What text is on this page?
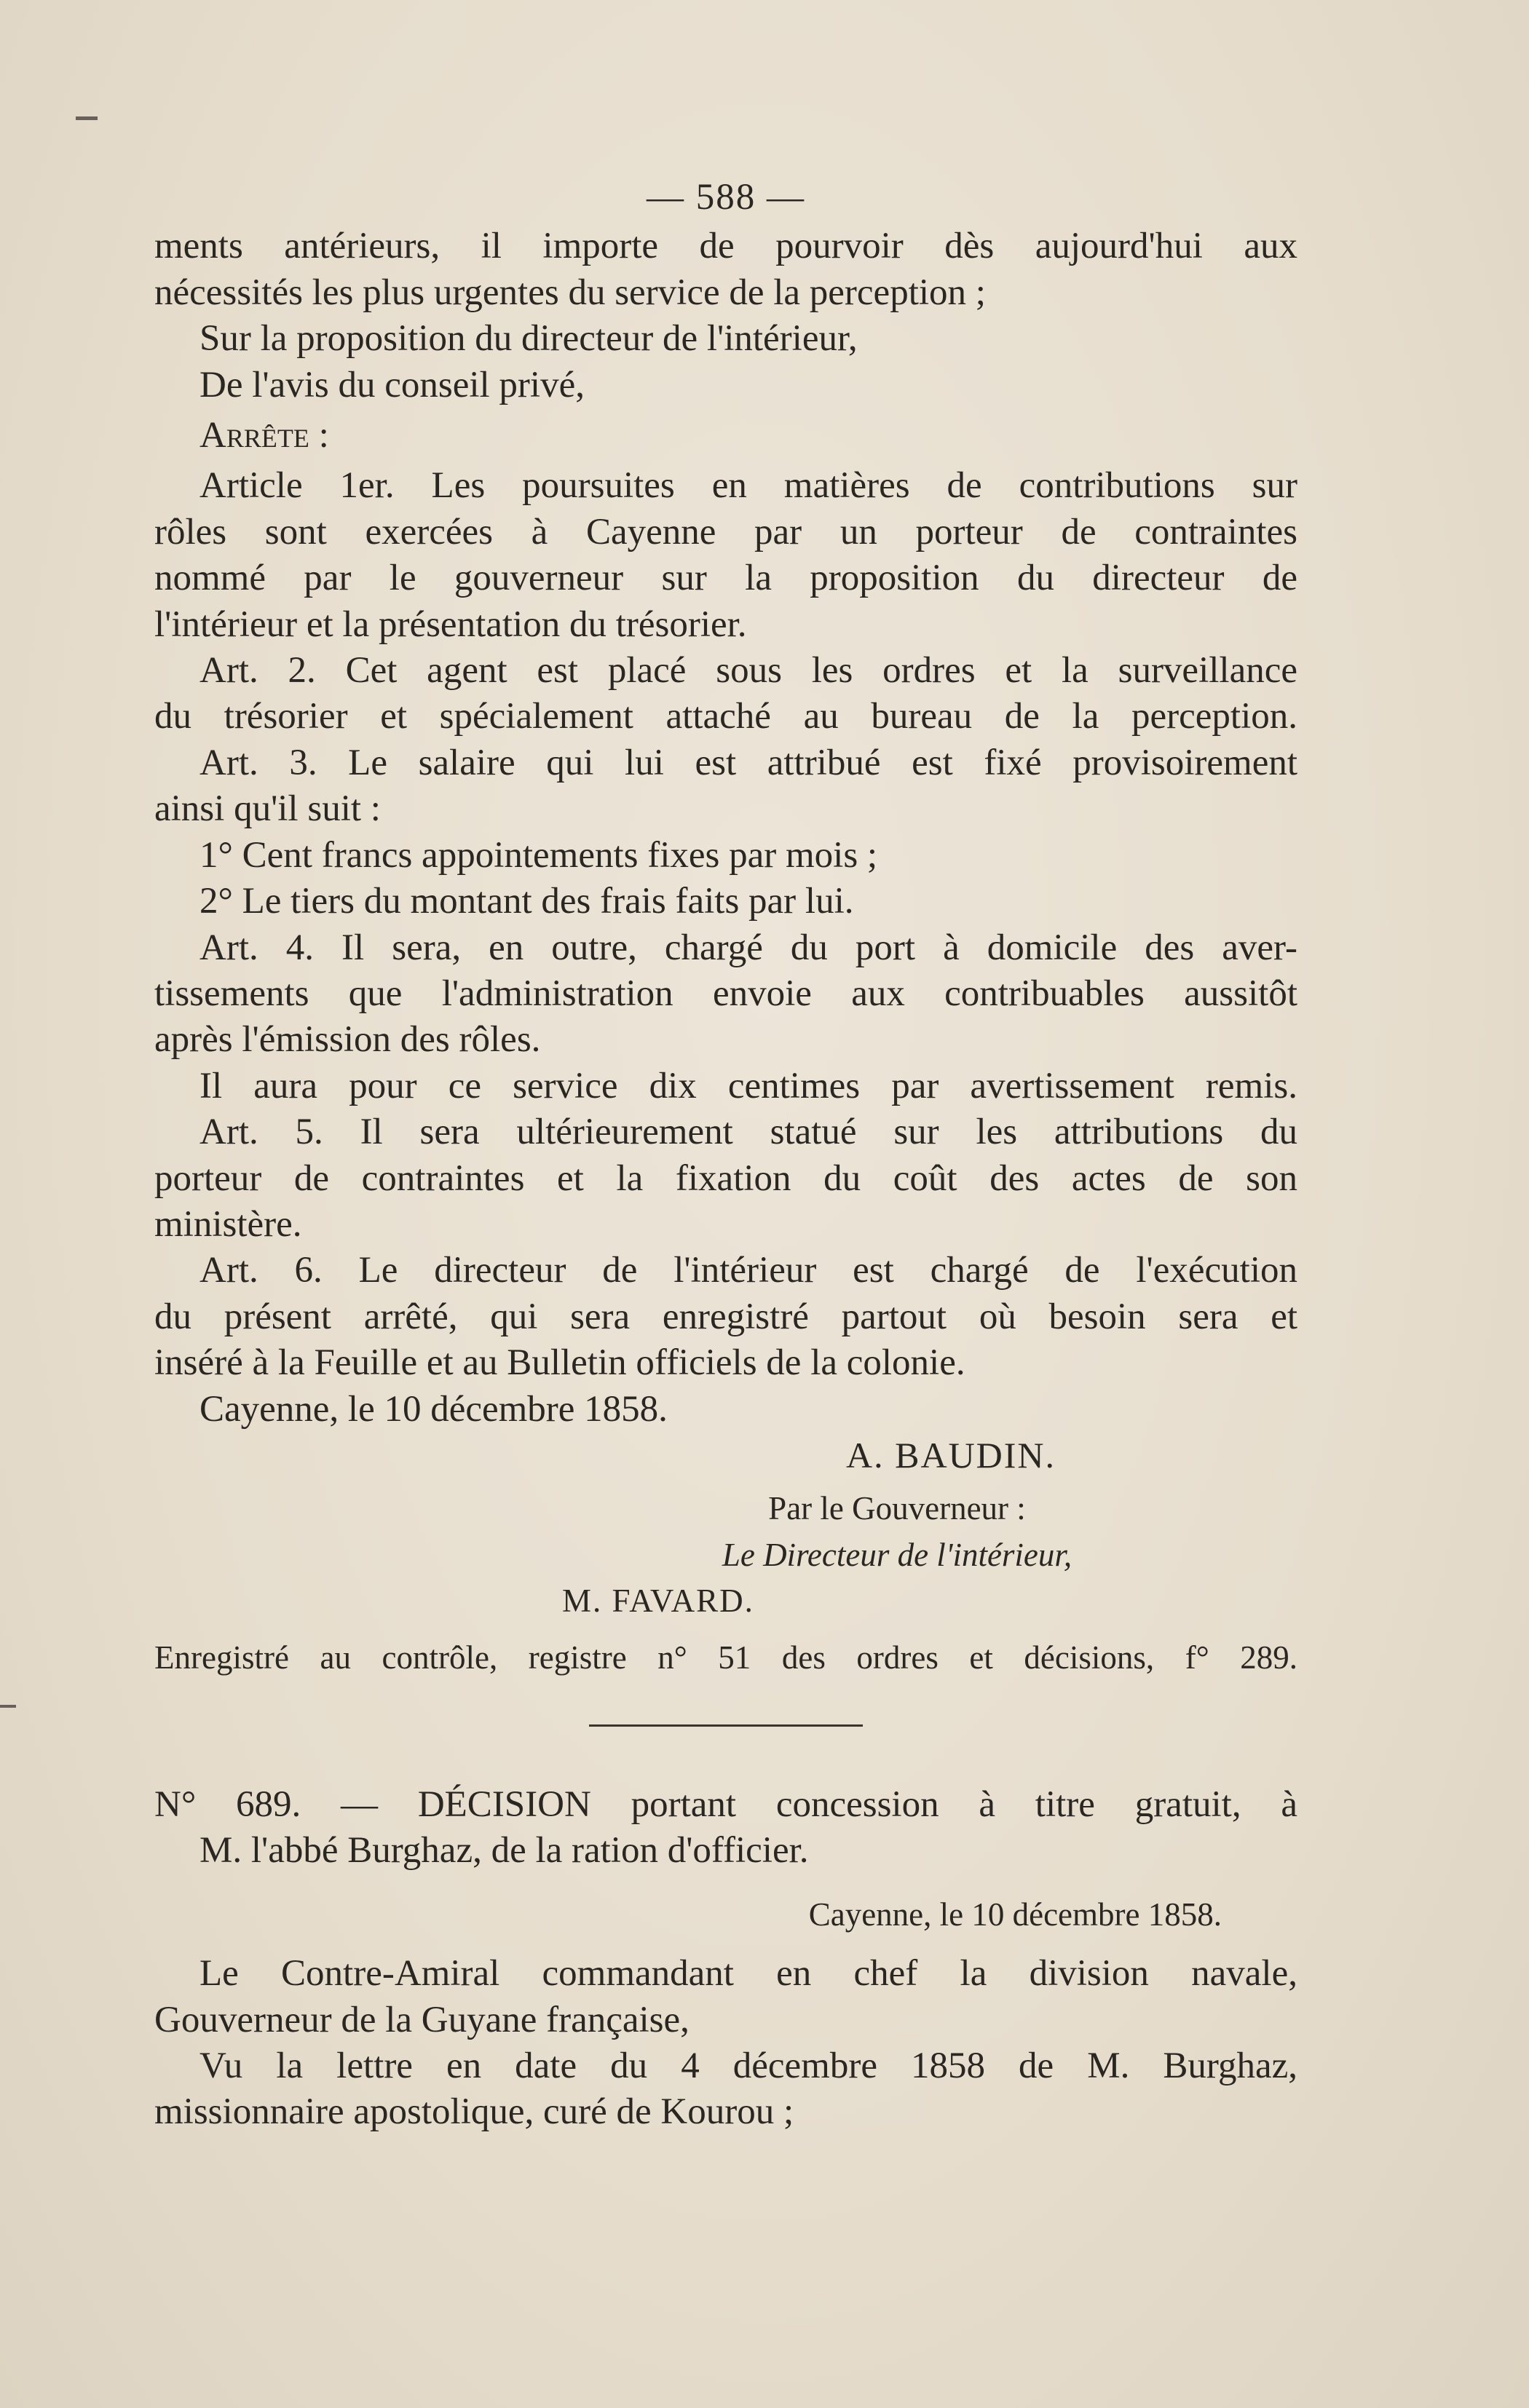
— 588 —

ments antérieurs, il importe de pourvoir dès aujourd'hui aux

nécessités les plus urgentes du service de la perception ;

Sur la proposition du directeur de l'intérieur,

De l'avis du conseil privé,

Arrête :

Article 1er. Les poursuites en matières de contributions sur

rôles sont exercées à Cayenne par un porteur de contraintes

nommé par le gouverneur sur la proposition du directeur de

l'intérieur et la présentation du trésorier.

Art. 2. Cet agent est placé sous les ordres et la surveillance

du trésorier et spécialement attaché au bureau de la perception.

Art. 3. Le salaire qui lui est attribué est fixé provisoirement

ainsi qu'il suit :

1° Cent francs appointements fixes par mois ;

2° Le tiers du montant des frais faits par lui.

Art. 4. Il sera, en outre, chargé du port à domicile des aver-

tissements que l'administration envoie aux contribuables aussitôt

après l'émission des rôles.

Il aura pour ce service dix centimes par avertissement remis.

Art. 5. Il sera ultérieurement statué sur les attributions du

porteur de contraintes et la fixation du coût des actes de son

ministère.

Art. 6. Le directeur de l'intérieur est chargé de l'exécution

du présent arrêté, qui sera enregistré partout où besoin sera et

inséré à la Feuille et au Bulletin officiels de la colonie.

Cayenne, le 10 décembre 1858.

A. BAUDIN.

Par le Gouverneur :

Le Directeur de l'intérieur,

M. FAVARD.

Enregistré au contrôle, registre n° 51 des ordres et décisions, f° 289.

N° 689. — DÉCISION portant concession à titre gratuit, à

M. l'abbé Burghaz, de la ration d'officier.

Cayenne, le 10 décembre 1858.

Le Contre-Amiral commandant en chef la division navale,

Gouverneur de la Guyane française,

Vu la lettre en date du 4 décembre 1858 de M. Burghaz,

missionnaire apostolique, curé de Kourou ;
